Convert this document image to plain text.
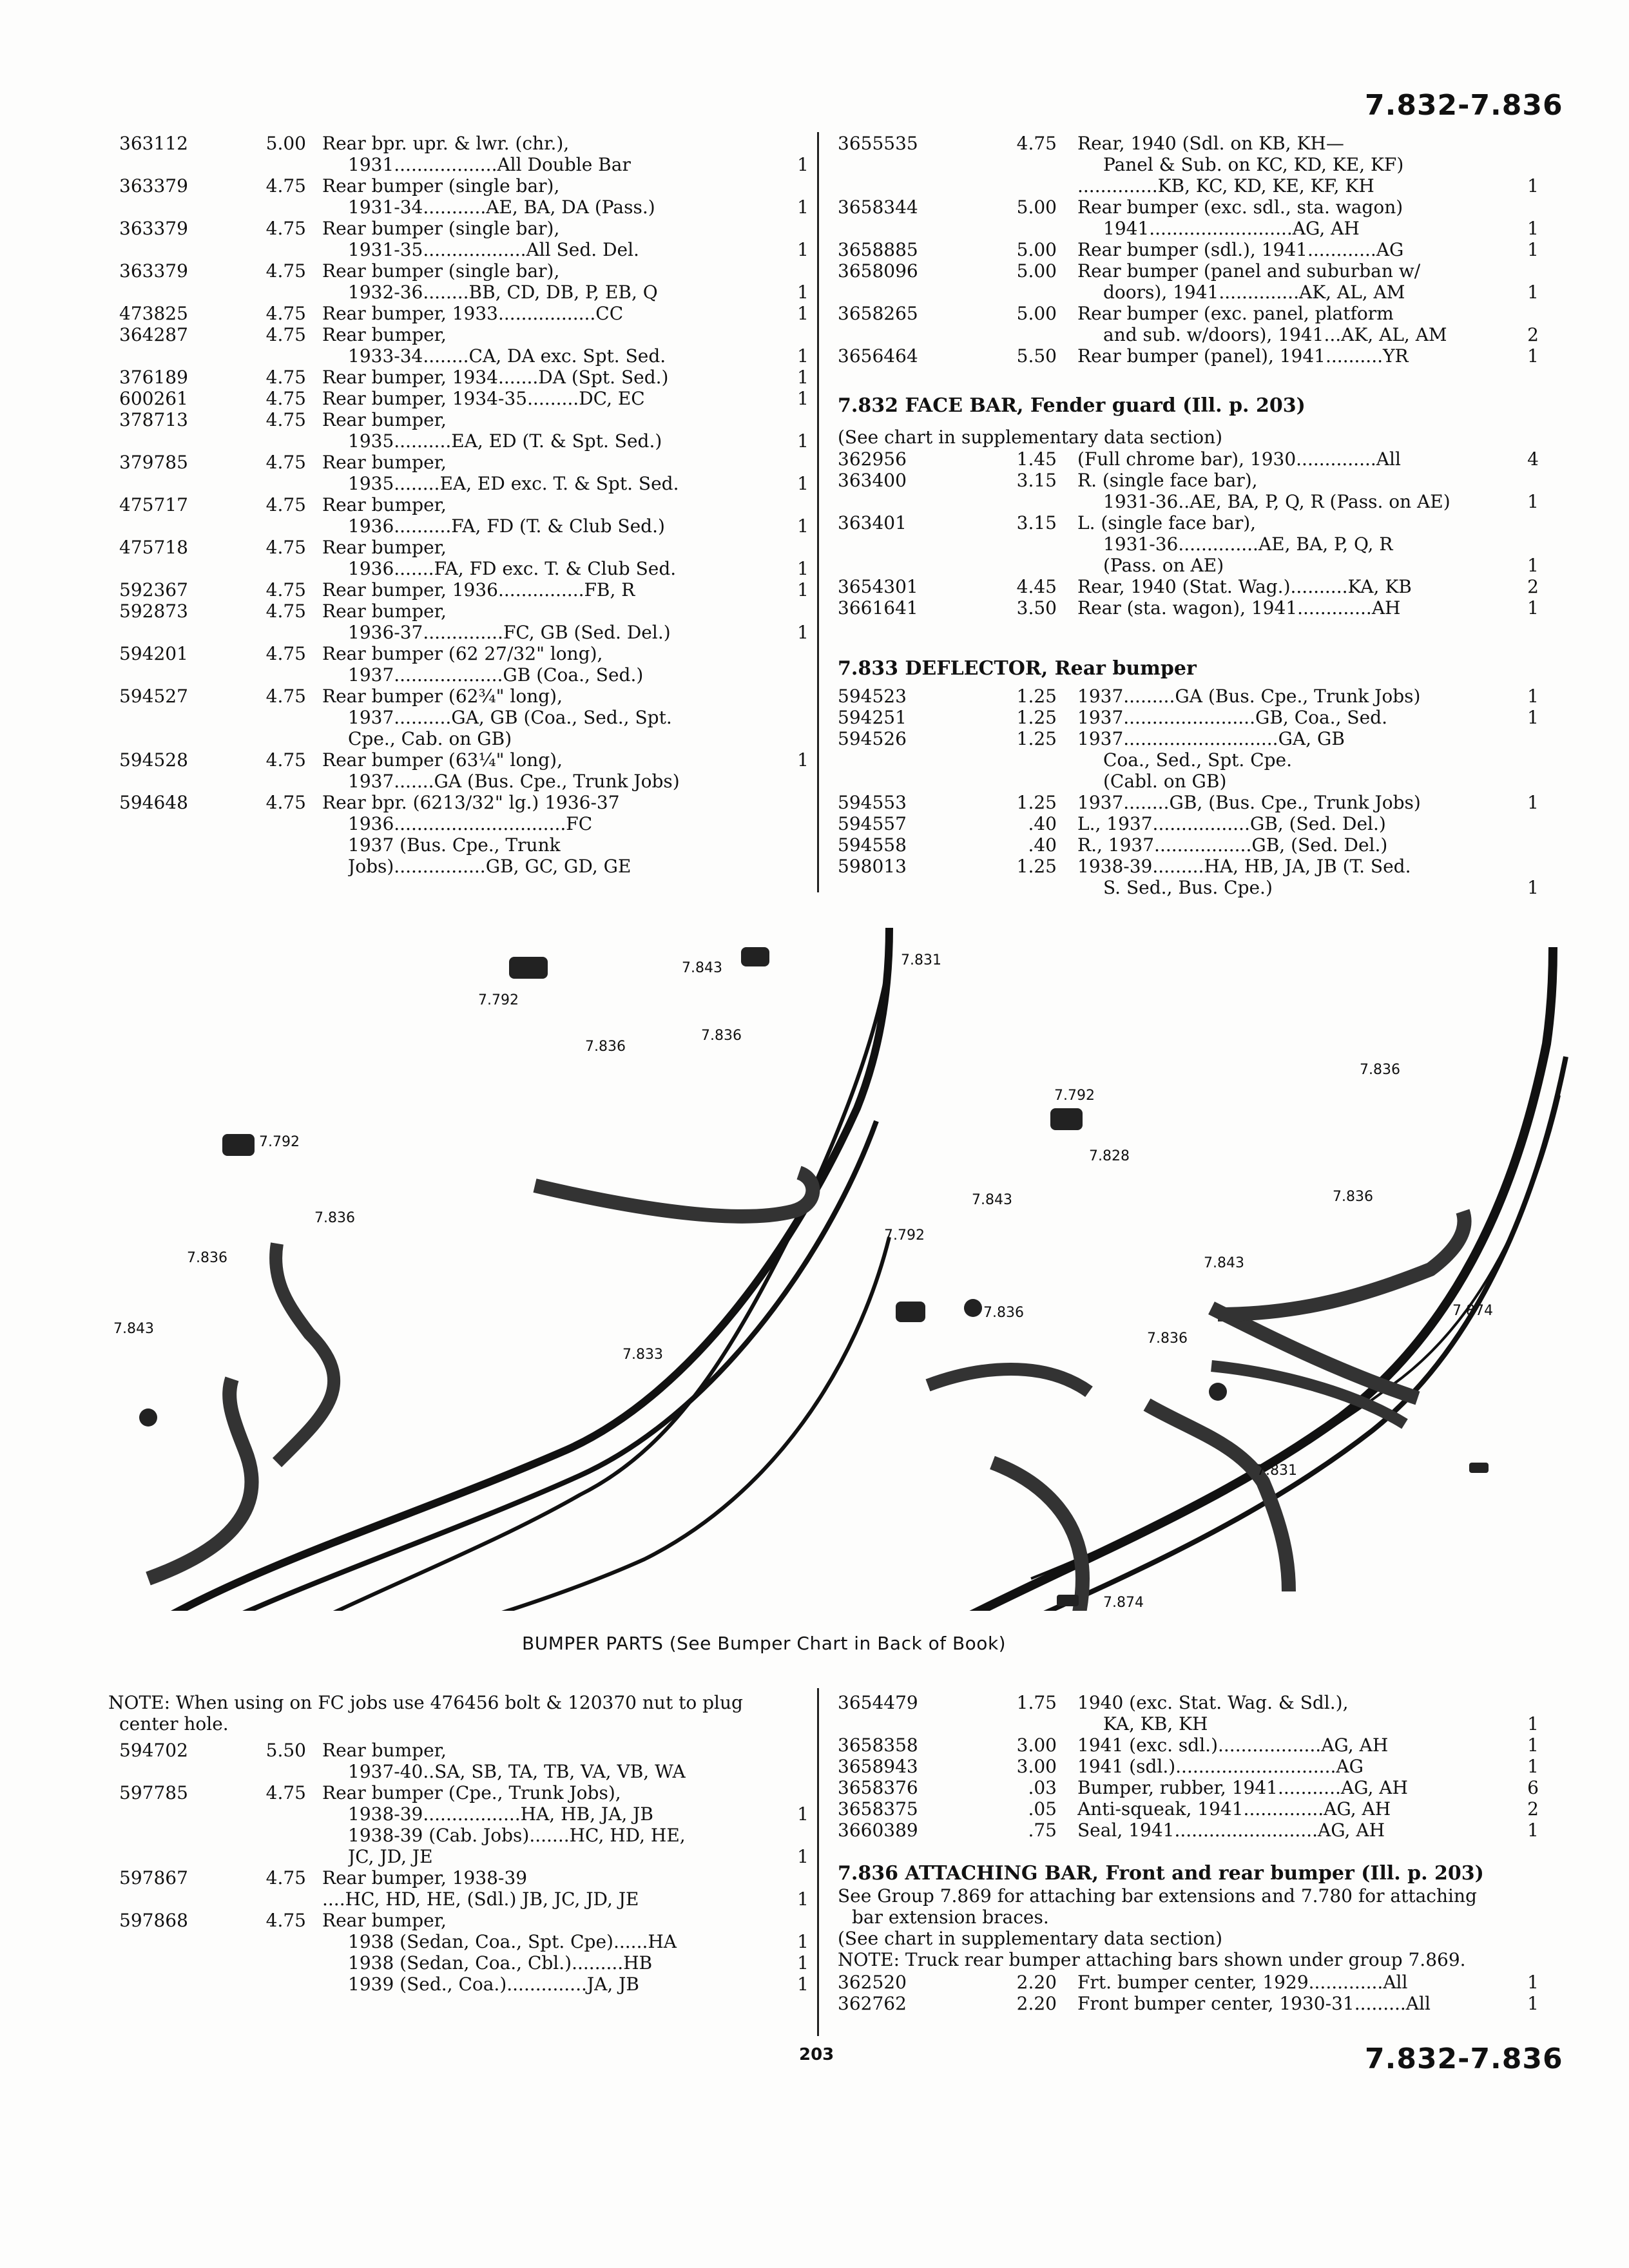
7.832-7.836
7.832-7.836
203
363112	5.00 Rear bpr. upr. & lwr. (chr.),
1931..................All Double Bar	1
363379	4.75 Rear bumper (single bar),
1931-34...........AE, BA, DA (Pass.)	1
363379	4.75 Rear bumper (single bar),
1931-35..................All Sed. Del.	1
363379	4.75 Rear bumper (single bar),
1932-36........BB, CD, DB, P, EB, Q	1
473825	4.75 Rear bumper, 1933.................CC	1
364287	4.75 Rear bumper,
1933-34........CA, DA exc. Spt. Sed.	1
376189	4.75 Rear bumper, 1934.......DA (Spt. Sed.)	1
600261	4.75 Rear bumper, 1934-35.........DC, EC	1
378713	4.75 Rear bumper,
1935..........EA, ED (T. & Spt. Sed.)	1
379785	4.75 Rear bumper,
1935........EA, ED exc. T. & Spt. Sed.	1
475717	4.75 Rear bumper,
1936..........FA, FD (T. & Club Sed.)	1
475718	4.75 Rear bumper,
1936.......FA, FD exc. T. & Club Sed.	1
592367	4.75 Rear bumper, 1936...............FB, R	1
592873	4.75 Rear bumper,
1936-37..............FC, GB (Sed. Del.)	1
594201	4.75 Rear bumper (62 27/32" long),
1937...................GB (Coa., Sed.)
594527	4.75 Rear bumper (62¾" long),
1937..........GA, GB (Coa., Sed., Spt.
Cpe., Cab. on GB)
594528	4.75 Rear bumper (63¼" long),	1
1937.......GA (Bus. Cpe., Trunk Jobs)
594648	4.75 Rear bpr. (6213/32" lg.) 1936-37
1936..............................FC
1937 (Bus. Cpe., Trunk
Jobs)................GB, GC, GD, GE
3655535	4.75 Rear, 1940 (Sdl. on KB, KH—
Panel & Sub. on KC, KD, KE, KF)
..............KB, KC, KD, KE, KF, KH	1
3658344	5.00 Rear bumper (exc. sdl., sta. wagon)
1941.........................AG, AH	1
3658885	5.00 Rear bumper (sdl.), 1941............AG	1
3658096	5.00 Rear bumper (panel and suburban w/
doors), 1941..............AK, AL, AM	1
3658265	5.00 Rear bumper (exc. panel, platform
and sub. w/doors), 1941...AK, AL, AM	2
3656464	5.50 Rear bumper (panel), 1941..........YR	1
7.832 FACE BAR, Fender guard (Ill. p. 203)
(See chart in supplementary data section)
362956	1.45 (Full chrome bar), 1930..............All	4
363400	3.15 R. (single face bar),
1931-36..AE, BA, P, Q, R (Pass. on AE)	1
363401	3.15 L. (single face bar),
1931-36..............AE, BA, P, Q, R
(Pass. on AE)	1
3654301	4.45 Rear, 1940 (Stat. Wag.)..........KA, KB	2
3661641	3.50 Rear (sta. wagon), 1941.............AH	1
7.833 DEFLECTOR, Rear bumper
594523	1.25 1937.........GA (Bus. Cpe., Trunk Jobs)	1
594251	1.25 1937.......................GB, Coa., Sed.	1
594526	1.25 1937...........................GA, GB
Coa., Sed., Spt. Cpe.
(Cabl. on GB)
594553	1.25 1937........GB, (Bus. Cpe., Trunk Jobs)	1
594557	.40 L., 1937.................GB, (Sed. Del.)
594558	.40 R., 1937.................GB, (Sed. Del.)
598013	1.25 1938-39.........HA, HB, JA, JB (T. Sed.
S. Sed., Bus. Cpe.)	1
7.831
7.843
7.792
7.836
7.836
7.792
7.836
7.836
7.843
7.833
7.792
7.828
7.843
7.792
7.836
7.836
7.836
7.843
7.874
7.836
7.831
7.874
BUMPER PARTS (See Bumper Chart in Back of Book)
NOTE: When using on FC jobs use 476456 bolt & 120370 nut to plug
center hole.
594702	5.50 Rear bumper,
1937-40..SA, SB, TA, TB, VA, VB, WA
597785	4.75 Rear bumper (Cpe., Trunk Jobs),
1938-39.................HA, HB, JA, JB	1
1938-39 (Cab. Jobs).......HC, HD, HE,
JC, JD, JE	1
597867	4.75 Rear bumper, 1938-39
....HC, HD, HE, (Sdl.) JB, JC, JD, JE	1
597868	4.75 Rear bumper,
1938 (Sedan, Coa., Spt. Cpe)......HA	1
1938 (Sedan, Coa., Cbl.).........HB	1
1939 (Sed., Coa.)..............JA, JB	1
3654479	1.75 1940 (exc. Stat. Wag. & Sdl.),
KA, KB, KH	1
3658358	3.00 1941 (exc. sdl.)..................AG, AH	1
3658943	3.00 1941 (sdl.)............................AG	1
3658376	.03 Bumper, rubber, 1941...........AG, AH	6
3658375	.05 Anti-squeak, 1941..............AG, AH	2
3660389	.75 Seal, 1941.........................AG, AH	1
7.836 ATTACHING BAR, Front and rear bumper (Ill. p. 203)
See Group 7.869 for attaching bar extensions and 7.780 for attaching
bar extension braces.
(See chart in supplementary data section)
NOTE: Truck rear bumper attaching bars shown under group 7.869.
362520	2.20 Frt. bumper center, 1929.............All	1
362762	2.20 Front bumper center, 1930-31.........All	1
